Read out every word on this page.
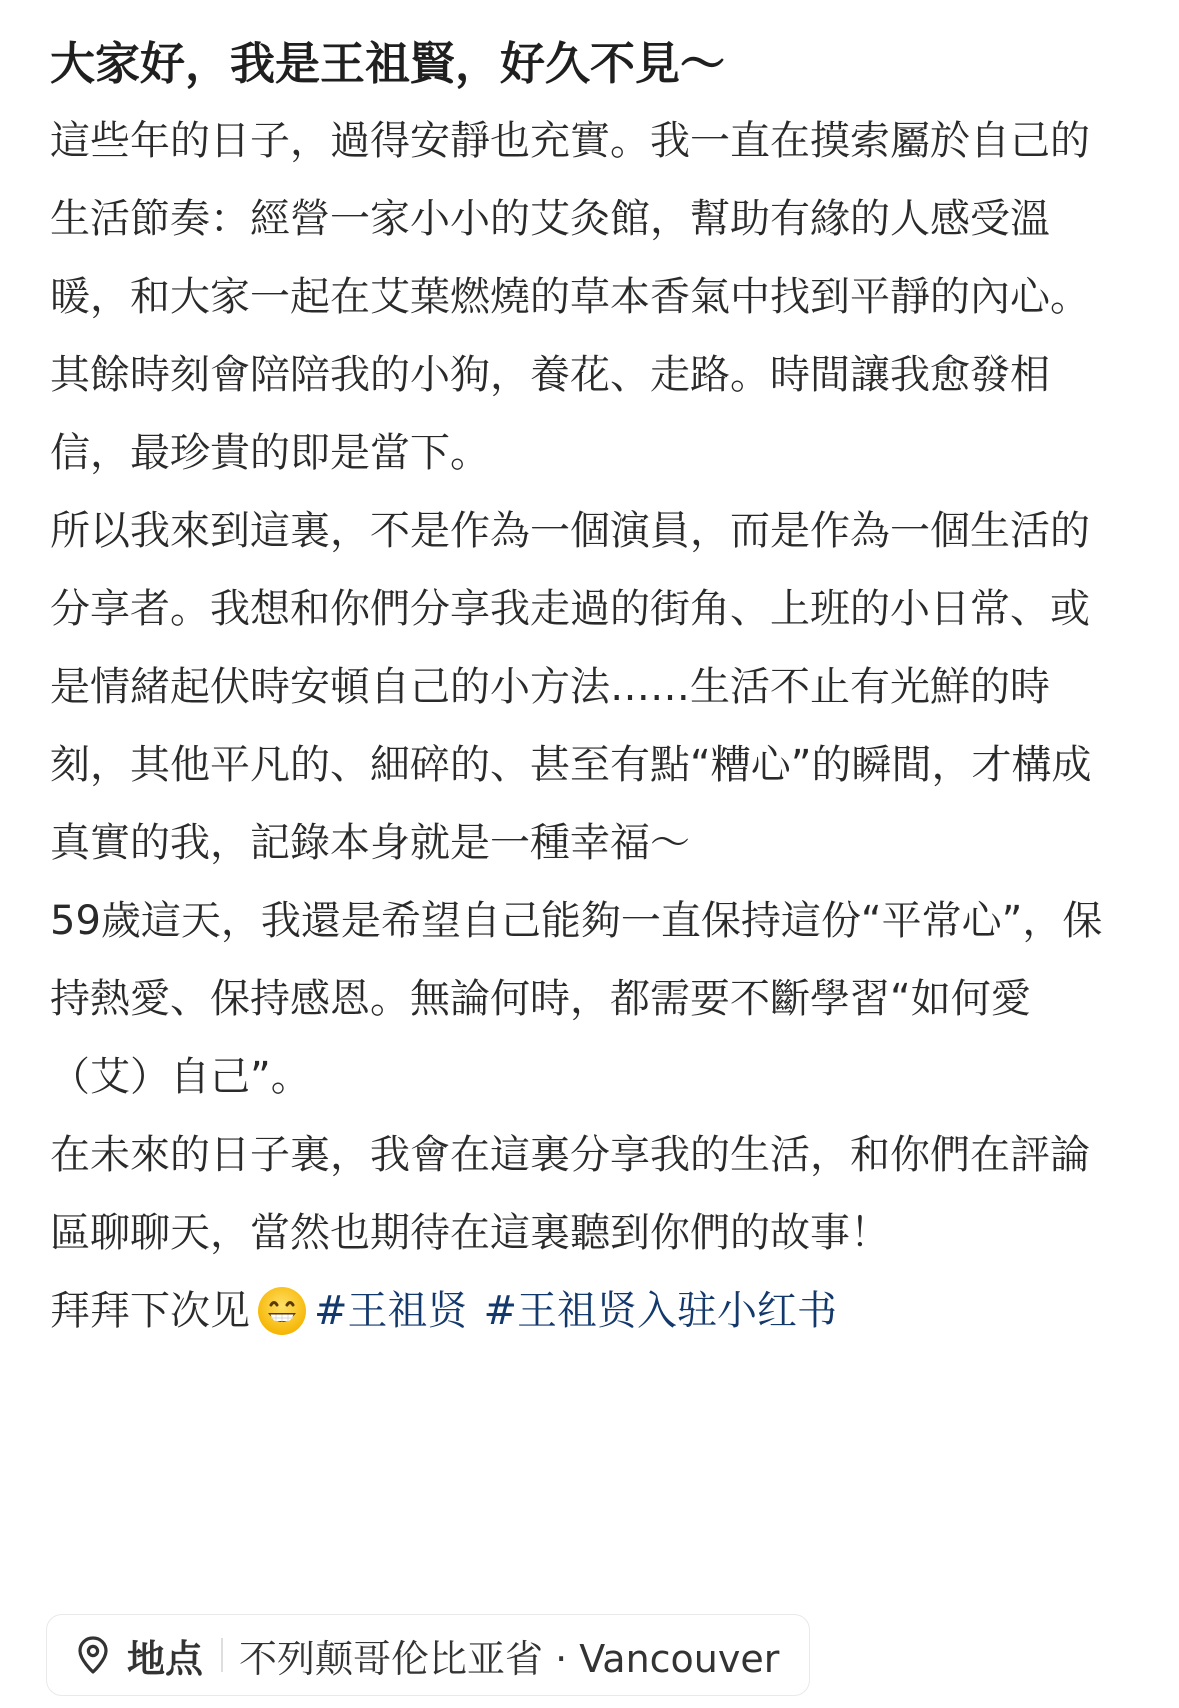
大家好，我是王祖賢，好久不見～

這些年的日子，過得安靜也充實。我一直在摸索屬於自己的生活節奏：經營一家小小的艾灸館，幫助有緣的人感受溫暖，和大家一起在艾葉燃燒的草本香氣中找到平靜的內心。其餘時刻會陪陪我的小狗，養花、走路。時間讓我愈發相信，最珍貴的即是當下。

所以我來到這裏，不是作為一個演員，而是作為一個生活的分享者。我想和你們分享我走過的街角、上班的小日常、或是情緒起伏時安頓自己的小方法……生活不止有光鮮的時刻，其他平凡的、細碎的、甚至有點“糟心”的瞬間，才構成真實的我，記錄本身就是一種幸福～

59歲這天，我還是希望自己能夠一直保持這份“平常心”，保持熱愛、保持感恩。無論何時，都需要不斷學習“如何愛（艾）自己”。

在未來的日子裏，我會在這裏分享我的生活，和你們在評論區聊聊天，當然也期待在這裏聽到你們的故事！

拜拜下次见 #王祖贤 #王祖贤入驻小红书

地点 不列颠哥伦比亚省 · Vancouver
